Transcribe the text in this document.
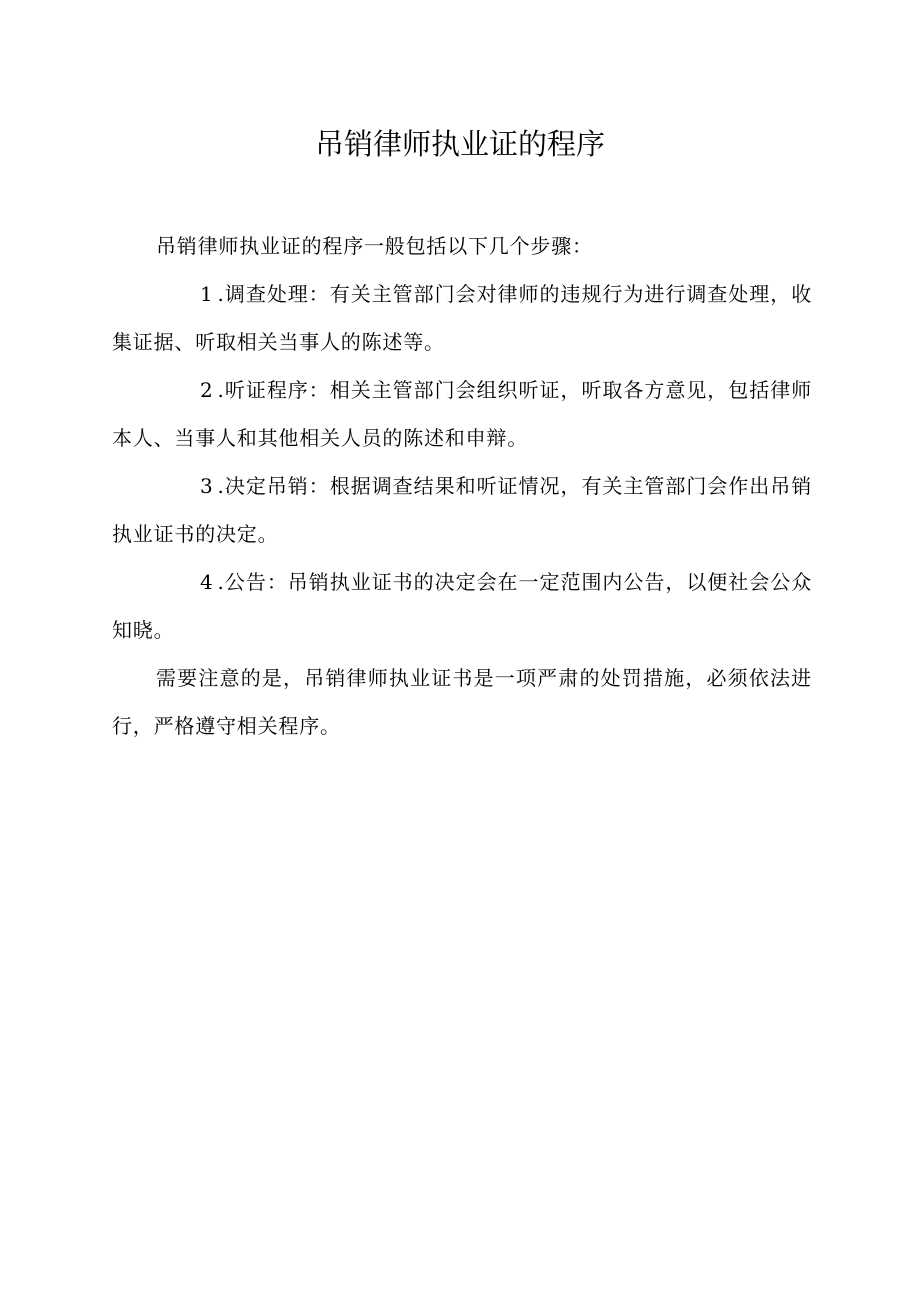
吊销律师执业证的程序

吊销律师执业证的程序一般包括以下几个步骤：

1 .调查处理：有关主管部门会对律师的违规行为进行调查处理，收集证据、听取相关当事人的陈述等。

2 .听证程序：相关主管部门会组织听证，听取各方意见，包括律师本人、当事人和其他相关人员的陈述和申辩。

3 .决定吊销：根据调查结果和听证情况，有关主管部门会作出吊销执业证书的决定。

4 .公告：吊销执业证书的决定会在一定范围内公告，以便社会公众知晓。

需要注意的是，吊销律师执业证书是一项严肃的处罚措施，必须依法进行，严格遵守相关程序。
